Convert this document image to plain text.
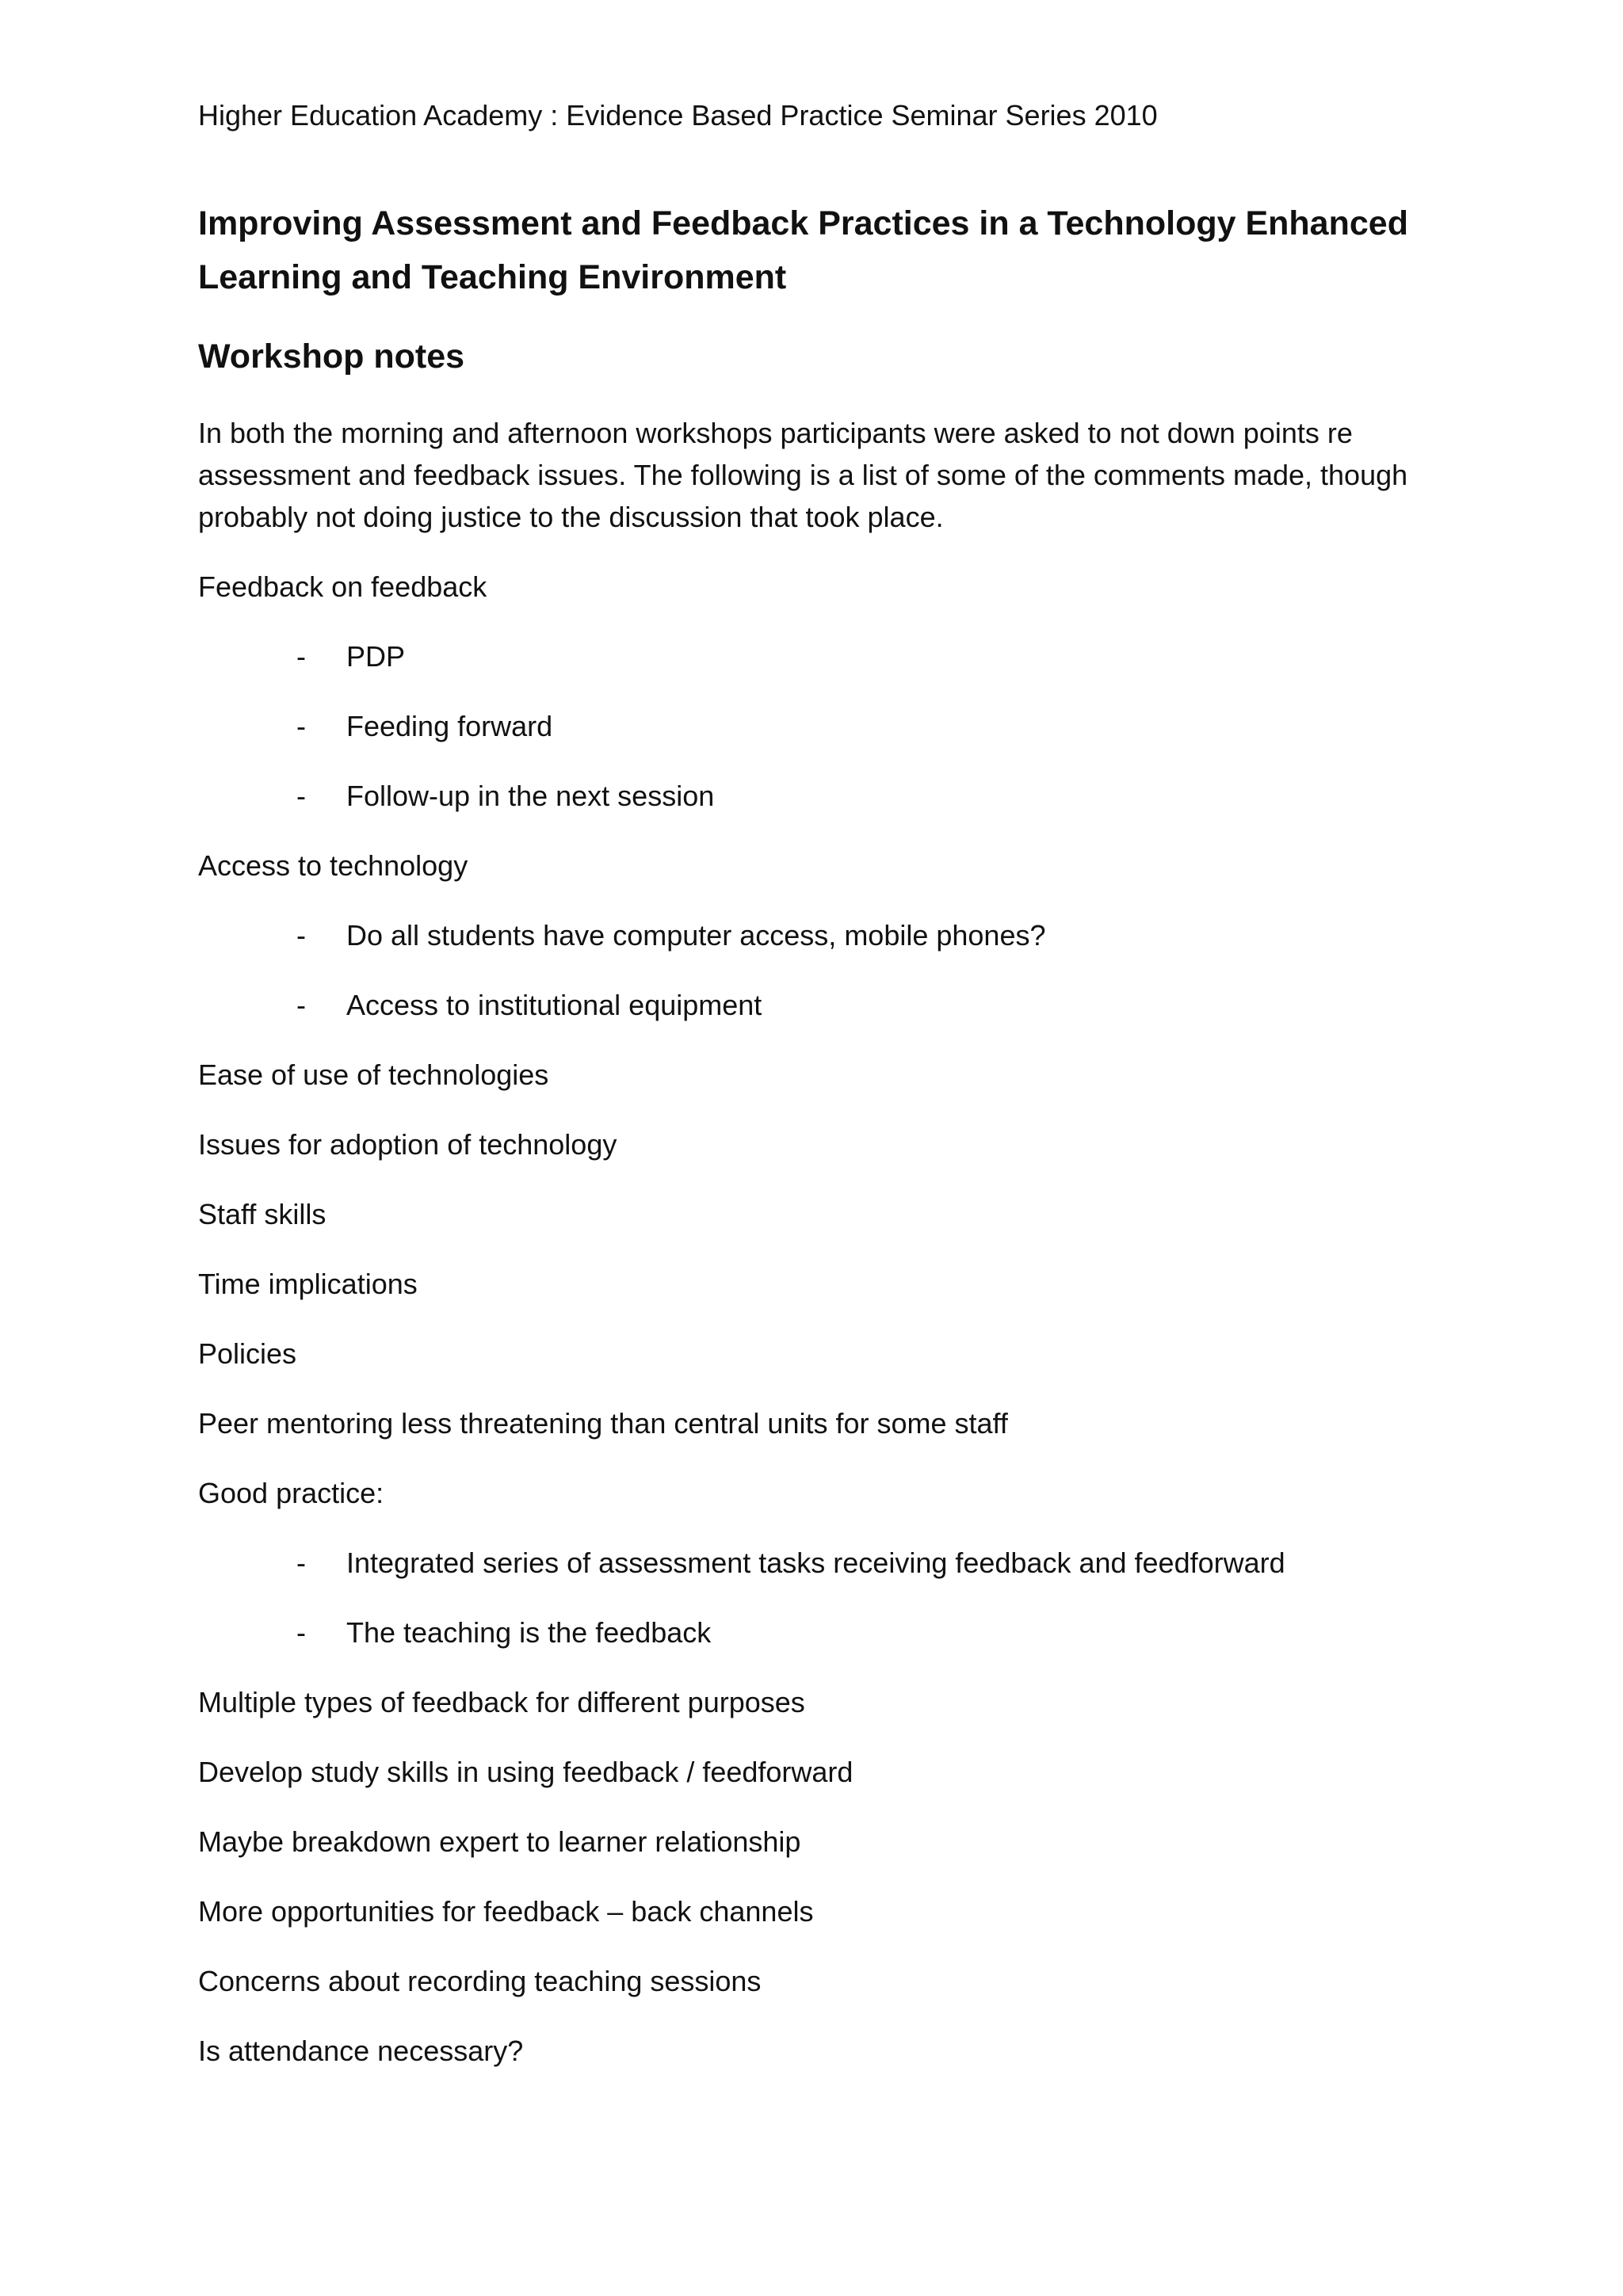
Higher Education Academy : Evidence Based Practice Seminar Series 2010
Improving Assessment and Feedback Practices in a Technology Enhanced Learning and Teaching Environment
Workshop notes

In both the morning and afternoon workshops participants were asked to not down points re assessment and feedback issues. The following is a list of some of the comments made, though probably not doing justice to the discussion that took place.

Feedback on feedback
- PDP
- Feeding forward
- Follow-up in the next session
Access to technology
- Do all students have computer access, mobile phones?
- Access to institutional equipment
Ease of use of technologies
Issues for adoption of technology
Staff skills
Time implications
Policies
Peer mentoring less threatening than central units for some staff
Good practice:
- Integrated series of assessment tasks receiving feedback and feedforward
- The teaching is the feedback
Multiple types of feedback for different purposes
Develop study skills in using feedback / feedforward
Maybe breakdown expert to learner relationship
More opportunities for feedback – back channels
Concerns about recording teaching sessions
Is attendance necessary?
